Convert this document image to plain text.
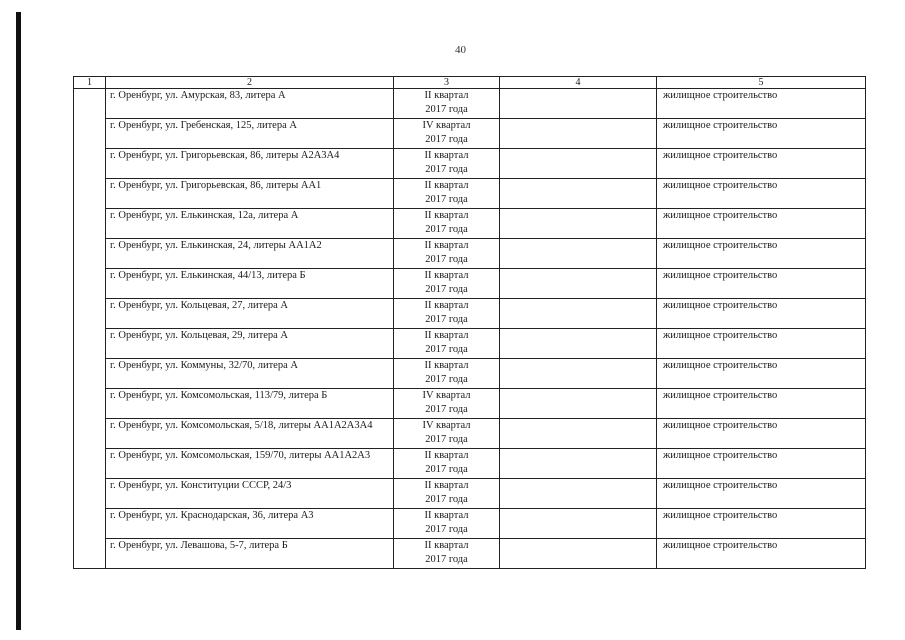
40
1	2	3	4	5
	г. Оренбург, ул. Амурская, 83, литера А	II квартал
2017 года		жилищное строительство
	г. Оренбург, ул. Гребенская, 125, литера А	IV квартал
2017 года		жилищное строительство
	г. Оренбург, ул. Григорьевская, 86, литеры А2А3А4	II квартал
2017 года		жилищное строительство
	г. Оренбург, ул. Григорьевская, 86, литеры АА1	II квартал
2017 года		жилищное строительство
	г. Оренбург, ул. Елькинская, 12а, литера А	II квартал
2017 года		жилищное строительство
	г. Оренбург, ул. Елькинская, 24, литеры АА1А2	II квартал
2017 года		жилищное строительство
	г. Оренбург, ул. Елькинская, 44/13, литера Б	II квартал
2017 года		жилищное строительство
	г. Оренбург, ул. Кольцевая, 27, литера А	II квартал
2017 года		жилищное строительство
	г. Оренбург, ул. Кольцевая, 29, литера А	II квартал
2017 года		жилищное строительство
	г. Оренбург, ул. Коммуны, 32/70, литера А	II квартал
2017 года		жилищное строительство
	г. Оренбург, ул. Комсомольская, 113/79, литера Б	IV квартал
2017 года		жилищное строительство
	г. Оренбург, ул. Комсомольская, 5/18, литеры АА1А2А3А4	IV квартал
2017 года		жилищное строительство
	г. Оренбург, ул. Комсомольская, 159/70, литеры АА1А2А3	II квартал
2017 года		жилищное строительство
	г. Оренбург, ул. Конституции СССР, 24/3	II квартал
2017 года		жилищное строительство
	г. Оренбург, ул. Краснодарская, 36, литера А3	II квартал
2017 года		жилищное строительство
	г. Оренбург, ул. Левашова, 5-7, литера Б	II квартал
2017 года		жилищное строительство
